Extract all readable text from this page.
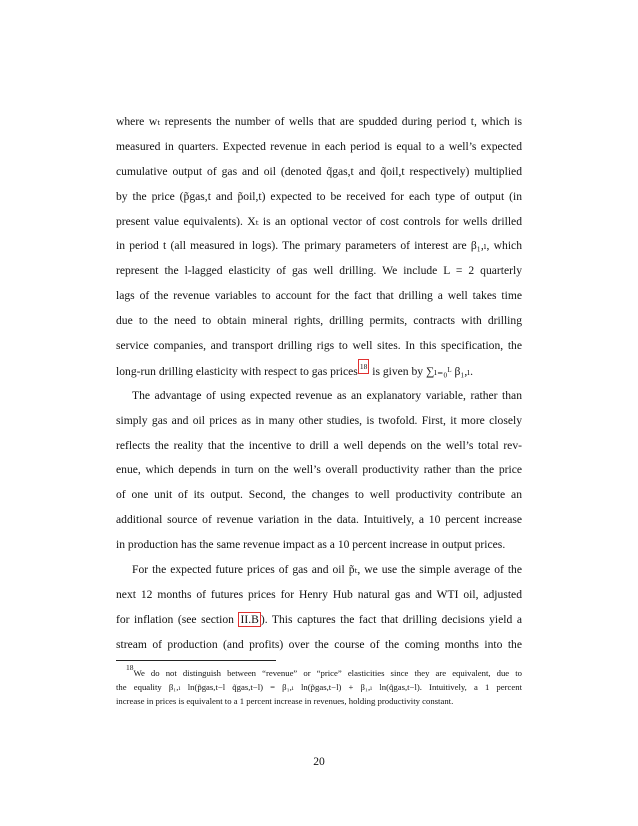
where wₜ represents the number of wells that are spudded during period t, which is
measured in quarters. Expected revenue in each period is equal to a well’s expected
cumulative output of gas and oil (denoted q̃gas,t and q̃oil,t respectively) multiplied
by the price (p̃gas,t and p̃oil,t) expected to be received for each type of output (in
present value equivalents). Xₜ is an optional vector of cost controls for wells drilled
in period t (all measured in logs). The primary parameters of interest are β₁,ₗ, which
represent the l-lagged elasticity of gas well drilling. We include L = 2 quarterly
lags of the revenue variables to account for the fact that drilling a well takes time
due to the need to obtain mineral rights, drilling permits, contracts with drilling
service companies, and transport drilling rigs to well sites. In this specification, the
long-run drilling elasticity with respect to gas prices 18 is given by ∑ₗ₌₀ᴸ β₁,ₗ.
The advantage of using expected revenue as an explanatory variable, rather than
simply gas and oil prices as in many other studies, is twofold. First, it more closely
reflects the reality that the incentive to drill a well depends on the well’s total rev-
enue, which depends in turn on the well’s overall productivity rather than the price
of one unit of its output. Second, the changes to well productivity contribute an
additional source of revenue variation in the data. Intuitively, a 10 percent increase
in production has the same revenue impact as a 10 percent increase in output prices.
For the expected future prices of gas and oil p̃ₜ, we use the simple average of the
next 12 months of futures prices for Henry Hub natural gas and WTI oil, adjusted
for inflation (see section II.B ). This captures the fact that drilling decisions yield a
stream of production (and profits) over the course of the coming months into the
18We do not distinguish between “revenue” or “price” elasticities since they are equivalent, due to
the equality β₁,ₗ ln(p̃gas,t−l q̃gas,t−l) = β₁,ₗ ln(p̃gas,t−l) + β₁,ₗ ln(q̃gas,t−l). Intuitively, a 1 percent
increase in prices is equivalent to a 1 percent increase in revenues, holding productivity constant.
20
